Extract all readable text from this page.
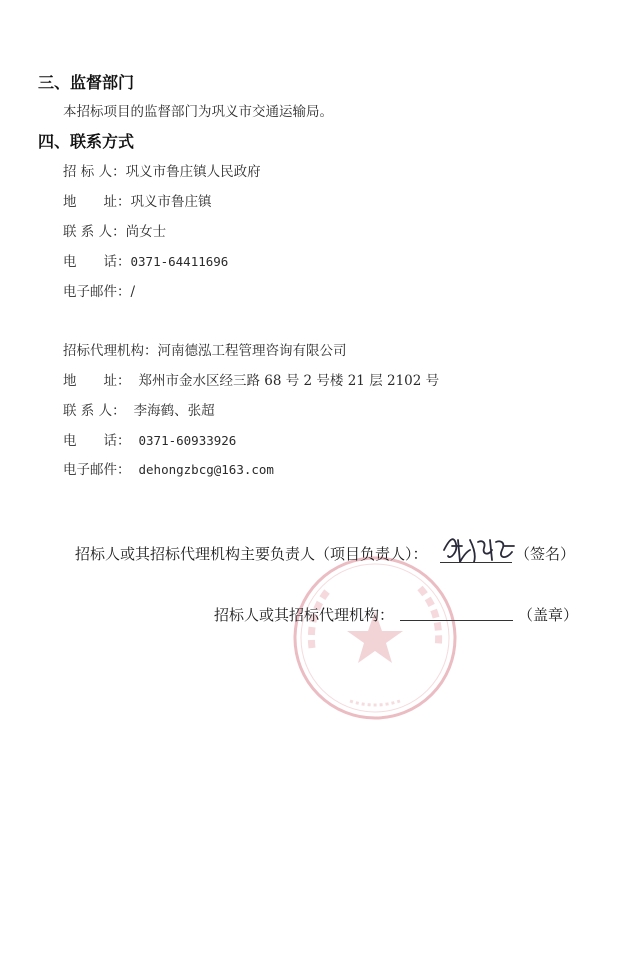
三、监督部门
本招标项目的监督部门为巩义市交通运输局。
四、联系方式
招 标 人：巩义市鲁庄镇人民政府
地　　址：巩义市鲁庄镇
联 系 人：尚女士
电　　话：0371-64411696
电子邮件：/
招标代理机构：河南德泓工程管理咨询有限公司
地　　址： 郑州市金水区经三路 68 号 2 号楼 21 层 2102 号
联 系 人： 李海鹤、张超
电　　话： 0371-60933926
电子邮件： dehongzbcg@163.com
招标人或其招标代理机构主要负责人（项目负责人）：	（签名）
招标人或其招标代理机构：	（盖章）
